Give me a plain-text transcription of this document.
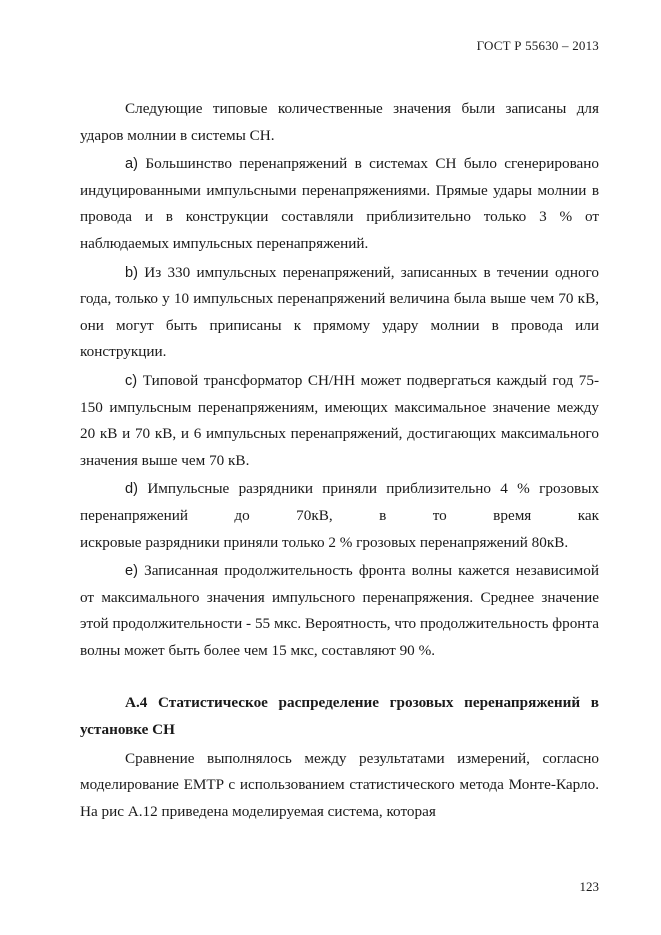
ГОСТ Р 55630 – 2013

Следующие типовые количественные значения были записаны для ударов молнии в системы СН.

a) Большинство перенапряжений в системах СН было сгенерировано индуцированными импульсными перенапряжениями. Прямые удары молнии в провода и в конструкции составляли приблизительно только 3 % от наблюдаемых импульсных перенапряжений.

b) Из 330 импульсных перенапряжений, записанных в течении одного года, только у 10 импульсных перенапряжений величина была выше чем 70 кВ, они могут быть приписаны к прямому удару молнии в провода или конструкции.

c) Типовой трансформатор СН/НН может подвергаться каждый год 75-150 импульсным перенапряжениям, имеющих максимальное значение между 20 кВ и 70 кВ, и 6 импульсных перенапряжений, достигающих максимального значения выше чем 70 кВ.

d) Импульсные разрядники приняли приблизительно 4 % грозовых перенапряжений до 70кВ, в то время как

искровые разрядники приняли только 2 % грозовых перенапряжений 80кВ.

e) Записанная продолжительность фронта волны кажется независимой от максимального значения импульсного перенапряжения. Среднее значение этой продолжительности - 55 мкс. Вероятность, что продолжительность фронта волны может быть более чем 15 мкс, составляют 90 %.

А.4 Статистическое распределение грозовых перенапряжений в установке СН

Сравнение выполнялось между результатами измерений, согласно моделирование EMTP с использованием статистического метода Монте-Карло. На рис А.12 приведена моделируемая система, которая

123
